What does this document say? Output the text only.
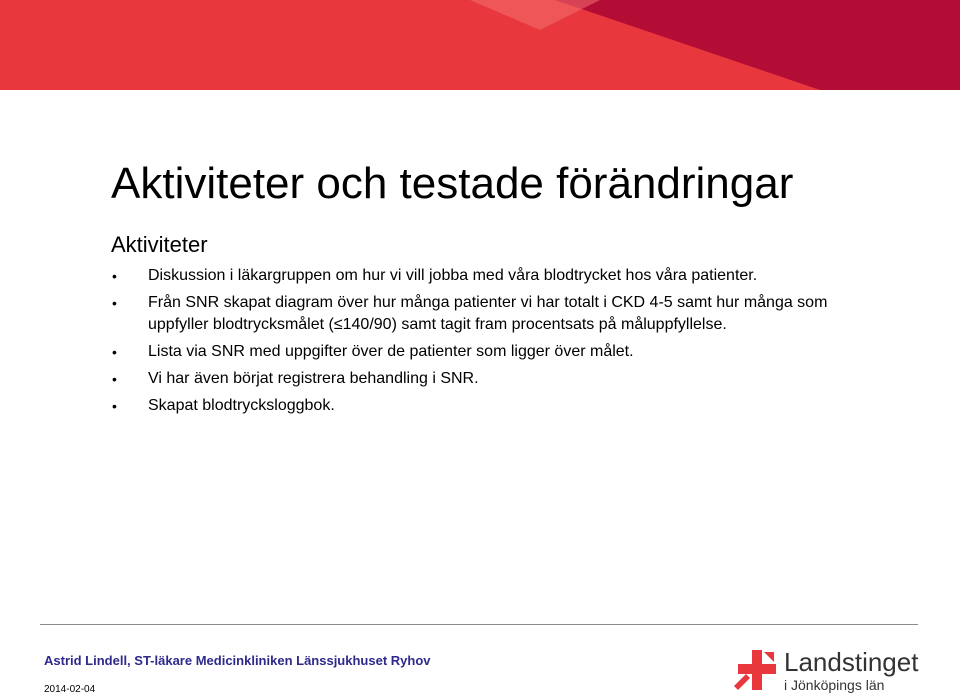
Aktiviteter och testade förändringar
Aktiviteter
• Diskussion i läkargruppen om hur vi vill jobba med våra blodtrycket hos våra patienter.
• Från SNR skapat diagram över hur många patienter vi har totalt i CKD 4-5 samt hur många som uppfyller blodtrycksmålet (≤140/90) samt tagit fram procentsats på måluppfyllelse.
• Lista via SNR med uppgifter över de patienter som ligger över målet.
• Vi har även börjat registrera behandling i SNR.
• Skapat blodtrycksloggbok.
Astrid Lindell, ST-läkare Medicinkliniken Länssjukhuset Ryhov
2014-02-04
Landstinget
i Jönköpings län
